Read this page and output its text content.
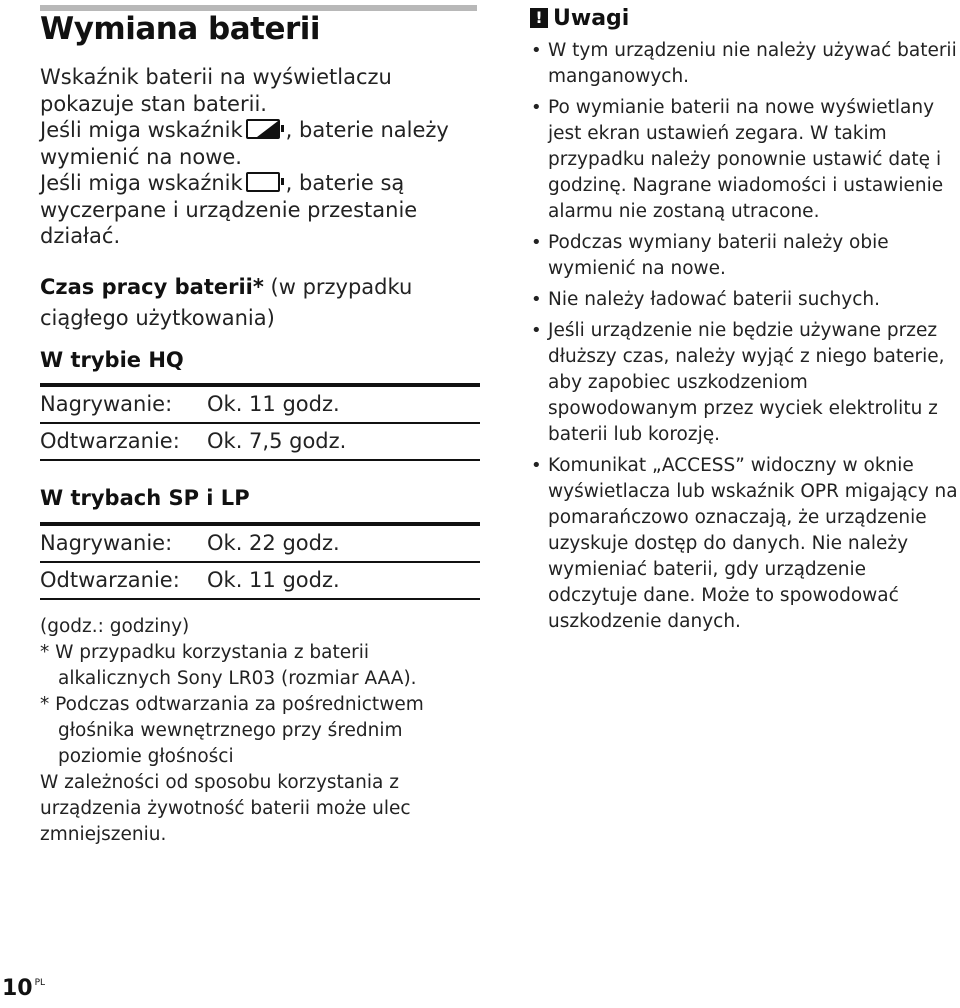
Wymiana baterii

Wskaźnik baterii na wyświetlaczu pokazuje stan baterii.

Jeśli miga wskaźnik , baterie należy wymienić na nowe.

Jeśli miga wskaźnik , baterie są wyczerpane i urządzenie przestanie działać.

Czas pracy baterii* (w przypadku ciągłego użytkowania)
W trybie HQ
Nagrywanie:	Ok. 11 godz.
Odtwarzanie:	Ok. 7,5 godz.
W trybach SP i LP
Nagrywanie:	Ok. 22 godz.
Odtwarzanie:	Ok. 11 godz.

(godz.: godziny)

* W przypadku korzystania z baterii alkalicznych Sony LR03 (rozmiar AAA).

* Podczas odtwarzania za pośrednictwem głośnika wewnętrznego przy średnim poziomie głośności

W zależności od sposobu korzystania z urządzenia żywotność baterii może ulec zmniejszeniu.

! Uwagi
• W tym urządzeniu nie należy używać baterii manganowych.
• Po wymianie baterii na nowe wyświetlany jest ekran ustawień zegara. W takim przypadku należy ponownie ustawić datę i godzinę. Nagrane wiadomości i ustawienie alarmu nie zostaną utracone.
• Podczas wymiany baterii należy obie wymienić na nowe.
• Nie należy ładować baterii suchych.
• Jeśli urządzenie nie będzie używane przez dłuższy czas, należy wyjąć z niego baterie, aby zapobiec uszkodzeniom spowodowanym przez wyciek elektrolitu z baterii lub korozję.
• Komunikat „ACCESS” widoczny w oknie wyświetlacza lub wskaźnik OPR migający na pomarańczowo oznaczają, że urządzenie uzyskuje dostęp do danych. Nie należy wymieniać baterii, gdy urządzenie odczytuje dane. Może to spowodować uszkodzenie danych.
10 $^{PL}$
